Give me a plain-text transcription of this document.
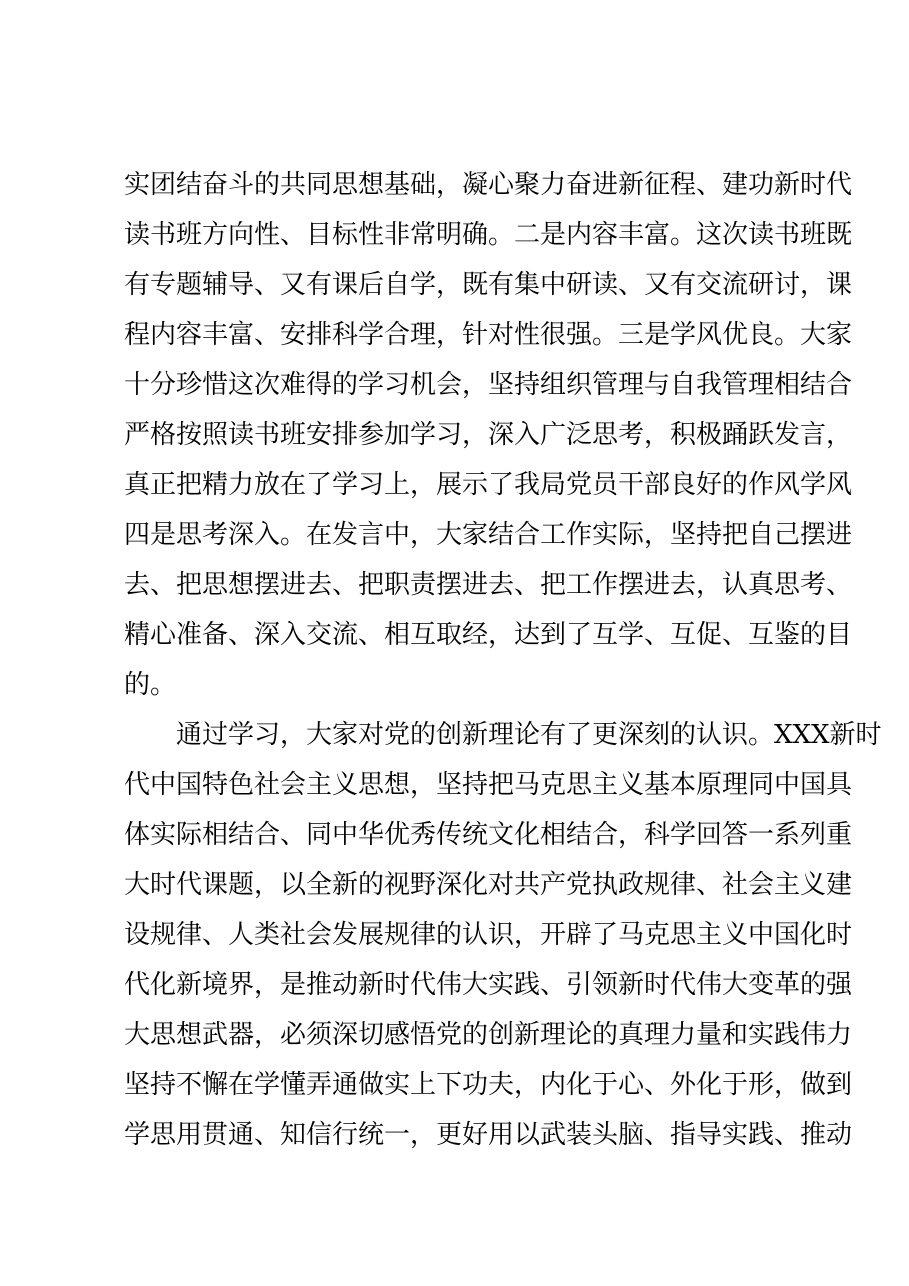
实团结奋斗的共同思想基础，凝心聚力奋进新征程、建功新时代
读书班方向性、目标性非常明确。二是内容丰富。这次读书班既
有专题辅导、又有课后自学，既有集中研读、又有交流研讨，课
程内容丰富、安排科学合理，针对性很强。三是学风优良。大家
十分珍惜这次难得的学习机会，坚持组织管理与自我管理相结合
严格按照读书班安排参加学习，深入广泛思考，积极踊跃发言，
真正把精力放在了学习上，展示了我局党员干部良好的作风学风
四是思考深入。在发言中，大家结合工作实际，坚持把自己摆进
去、把思想摆进去、把职责摆进去、把工作摆进去，认真思考、
精心准备、深入交流、相互取经，达到了互学、互促、互鉴的目
的。
通过学习，大家对党的创新理论有了更深刻的认识。XXX新时
代中国特色社会主义思想，坚持把马克思主义基本原理同中国具
体实际相结合、同中华优秀传统文化相结合，科学回答一系列重
大时代课题，以全新的视野深化对共产党执政规律、社会主义建
设规律、人类社会发展规律的认识，开辟了马克思主义中国化时
代化新境界，是推动新时代伟大实践、引领新时代伟大变革的强
大思想武器，必须深切感悟党的创新理论的真理力量和实践伟力
坚持不懈在学懂弄通做实上下功夫，内化于心、外化于形，做到
学思用贯通、知信行统一，更好用以武装头脑、指导实践、推动
